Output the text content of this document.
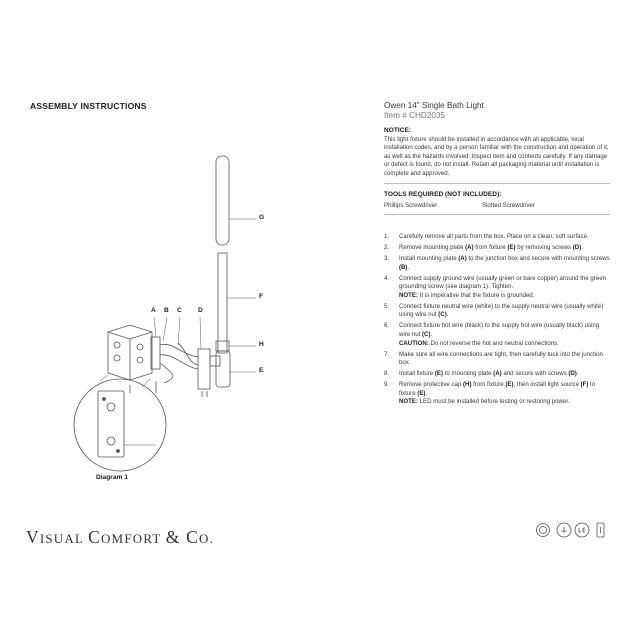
ASSEMBLY INSTRUCTIONS	Owen 14" Single Bath Light
Item # CHD2035
NOTICE:
This light fixture should be installed in accordance with all applicable, local installation codes, and by a person familiar with the construction and operation of it, as well as the hazards involved. Inspect item and contents carefully. If any damage or defect is found, do not install. Retain all packaging material until installation is complete and approved.
TOOLS REQUIRED (NOT INCLUDED):
Phillips Screwdriver	Slotted Screwdriver
1. Carefully remove all parts from the box. Place on a clean, soft surface.
2. Remove mounting plate (A) from fixture (E) by removing screws (D).
3. Install mounting plate (A) to the junction box and secure with mounting screws (B).
4. Connect supply ground wire (usually green or bare copper) around the green grounding screw (see diagram 1). Tighten.
NOTE: It is imperative that the fixture is grounded.
5. Connect fixture neutral wire (white) to the supply neutral wire (usually white) using wire nut (C).
6. Connect fixture hot wire (black) to the supply hot wire (usually black) using wire nut (C).
CAUTION: Do not reverse the hot and neutral connections.
7. Make sure all wire connections are tight, then carefully tuck into the junction box.
8. Install fixture (E) to mounting plate (A) and secure with screws (D).
9. Remove protective cap (H) from fixture (E), then install light source (F) to fixture (E).
NOTE: LED must be installed before testing or restoring power.
A B C D
G
F
H
E
Diagram 1
VISUAL COMFORT & CO.
